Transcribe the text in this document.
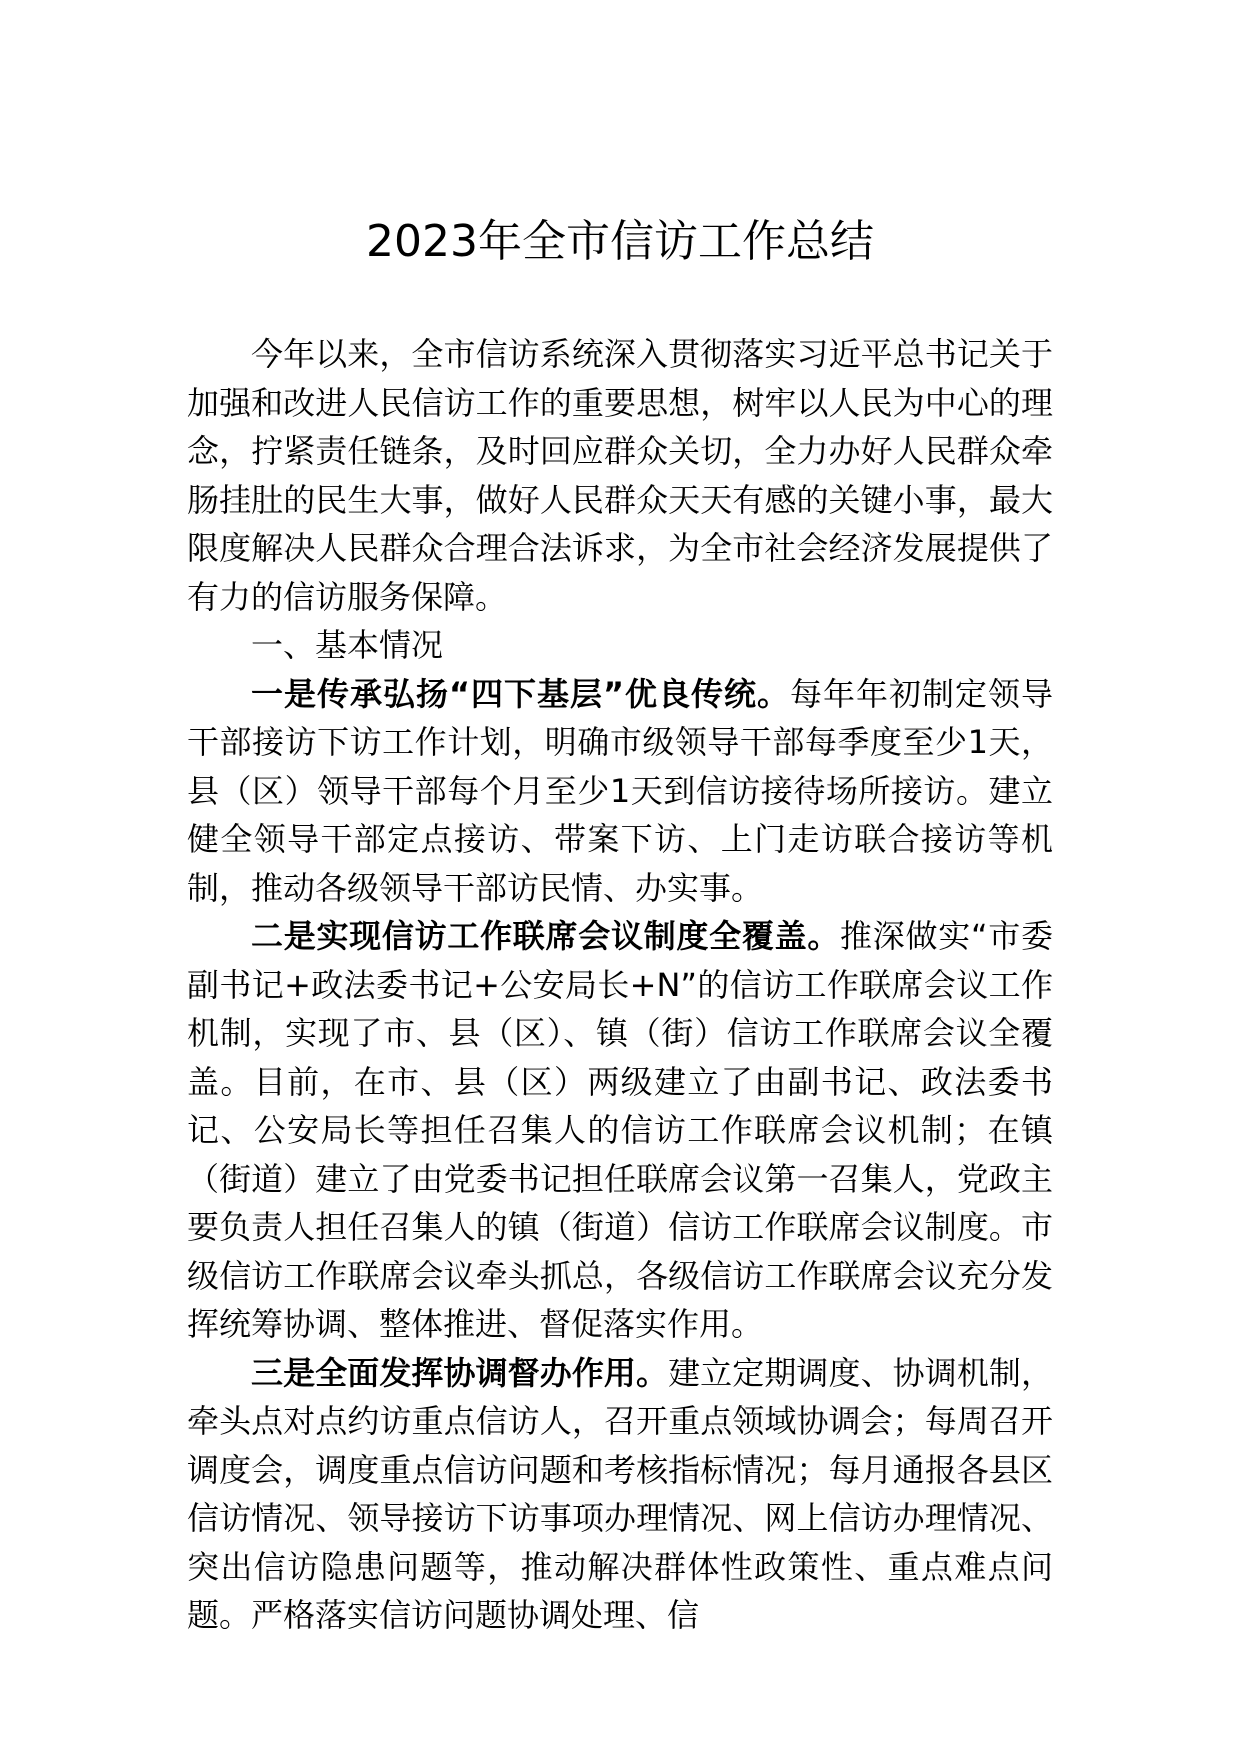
2023年全市信访工作总结

今年以来，全市信访系统深入贯彻落实习近平总书记关于加强和改进人民信访工作的重要思想，树牢以人民为中心的理念，拧紧责任链条，及时回应群众关切，全力办好人民群众牵肠挂肚的民生大事，做好人民群众天天有感的关键小事，最大限度解决人民群众合理合法诉求，为全市社会经济发展提供了有力的信访服务保障。

一、基本情况

一是传承弘扬“四下基层”优良传统。每年年初制定领导干部接访下访工作计划，明确市级领导干部每季度至少1天，县（区）领导干部每个月至少1天到信访接待场所接访。建立健全领导干部定点接访、带案下访、上门走访联合接访等机制，推动各级领导干部访民情、办实事。

二是实现信访工作联席会议制度全覆盖。推深做实“市委副书记+政法委书记+公安局长+N”的信访工作联席会议工作机制，实现了市、县（区）、镇（街）信访工作联席会议全覆盖。目前，在市、县（区）两级建立了由副书记、政法委书记、公安局长等担任召集人的信访工作联席会议机制；在镇（街道）建立了由党委书记担任联席会议第一召集人，党政主要负责人担任召集人的镇（街道）信访工作联席会议制度。市级信访工作联席会议牵头抓总，各级信访工作联席会议充分发挥统筹协调、整体推进、督促落实作用。

三是全面发挥协调督办作用。建立定期调度、协调机制，牵头点对点约访重点信访人，召开重点领域协调会；每周召开调度会，调度重点信访问题和考核指标情况；每月通报各县区信访情况、领导接访下访事项办理情况、网上信访办理情况、突出信访隐患问题等，推动解决群体性政策性、重点难点问题。严格落实信访问题协调处理、信
